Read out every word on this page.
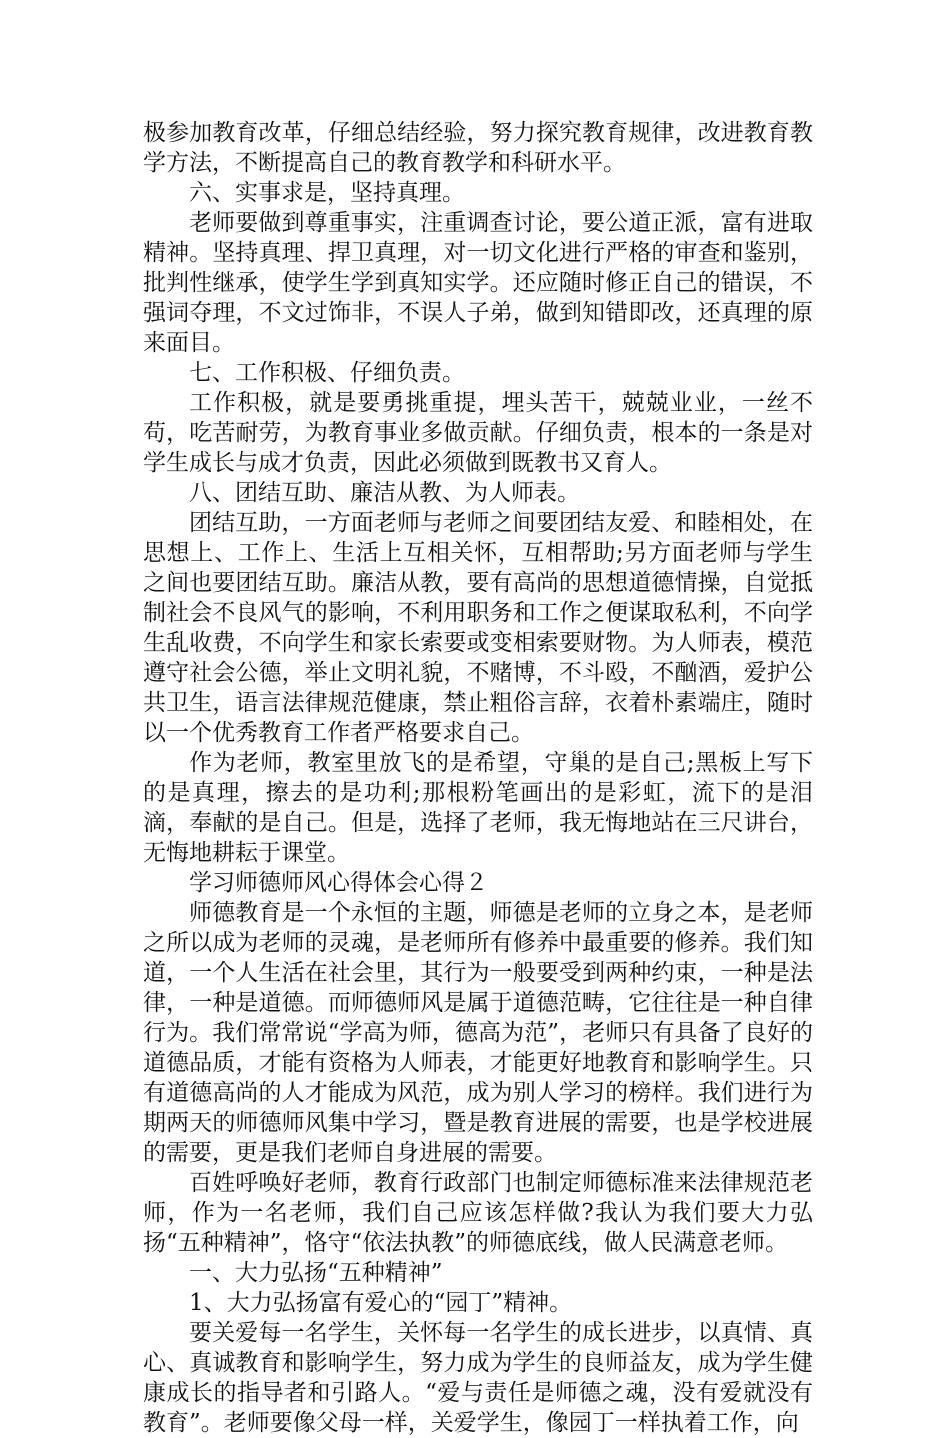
极参加教育改革，仔细总结经验，努力探究教育规律，改进教育教学方法，不断提高自己的教育教学和科研水平。

六、实事求是，坚持真理。

老师要做到尊重事实，注重调查讨论，要公道正派，富有进取精神。坚持真理、捍卫真理，对一切文化进行严格的审查和鉴别，批判性继承，使学生学到真知实学。还应随时修正自己的错误，不强词夺理，不文过饰非，不误人子弟，做到知错即改，还真理的原来面目。

七、工作积极、仔细负责。

工作积极，就是要勇挑重提，埋头苦干，兢兢业业，一丝不苟，吃苦耐劳，为教育事业多做贡献。仔细负责，根本的一条是对学生成长与成才负责，因此必须做到既教书又育人。

八、团结互助、廉洁从教、为人师表。

团结互助，一方面老师与老师之间要团结友爱、和睦相处，在思想上、工作上、生活上互相关怀，互相帮助;另方面老师与学生之间也要团结互助。廉洁从教，要有高尚的思想道德情操，自觉抵制社会不良风气的影响，不利用职务和工作之便谋取私利，不向学生乱收费，不向学生和家长索要或变相索要财物。为人师表，模范遵守社会公德，举止文明礼貌，不赌博，不斗殴，不酗酒，爱护公共卫生，语言法律规范健康，禁止粗俗言辞，衣着朴素端庄，随时以一个优秀教育工作者严格要求自己。

作为老师，教室里放飞的是希望，守巢的是自己;黑板上写下的是真理，擦去的是功利;那根粉笔画出的是彩虹，流下的是泪滴，奉献的是自己。但是，选择了老师，我无悔地站在三尺讲台，无悔地耕耘于课堂。

学习师德师风心得体会心得２

师德教育是一个永恒的主题，师德是老师的立身之本，是老师之所以成为老师的灵魂，是老师所有修养中最重要的修养。我们知道，一个人生活在社会里，其行为一般要受到两种约束，一种是法律，一种是道德。而师德师风是属于道德范畴，它往往是一种自律行为。我们常常说“学高为师，德高为范”，老师只有具备了良好的道德品质，才能有资格为人师表，才能更好地教育和影响学生。只有道德高尚的人才能成为风范，成为别人学习的榜样。我们进行为期两天的师德师风集中学习，暨是教育进展的需要，也是学校进展的需要，更是我们老师自身进展的需要。

百姓呼唤好老师，教育行政部门也制定师德标准来法律规范老师，作为一名老师，我们自己应该怎样做?我认为我们要大力弘扬“五种精神”，恪守“依法执教”的师德底线，做人民满意老师。

一、大力弘扬“五种精神”

1、大力弘扬富有爱心的“园丁”精神。

要关爱每一名学生，关怀每一名学生的成长进步，以真情、真心、真诚教育和影响学生，努力成为学生的良师益友，成为学生健康成长的指导者和引路人。“爱与责任是师德之魂，没有爱就没有教育”。老师要像父母一样，关爱学生，像园丁一样执着工作，向
